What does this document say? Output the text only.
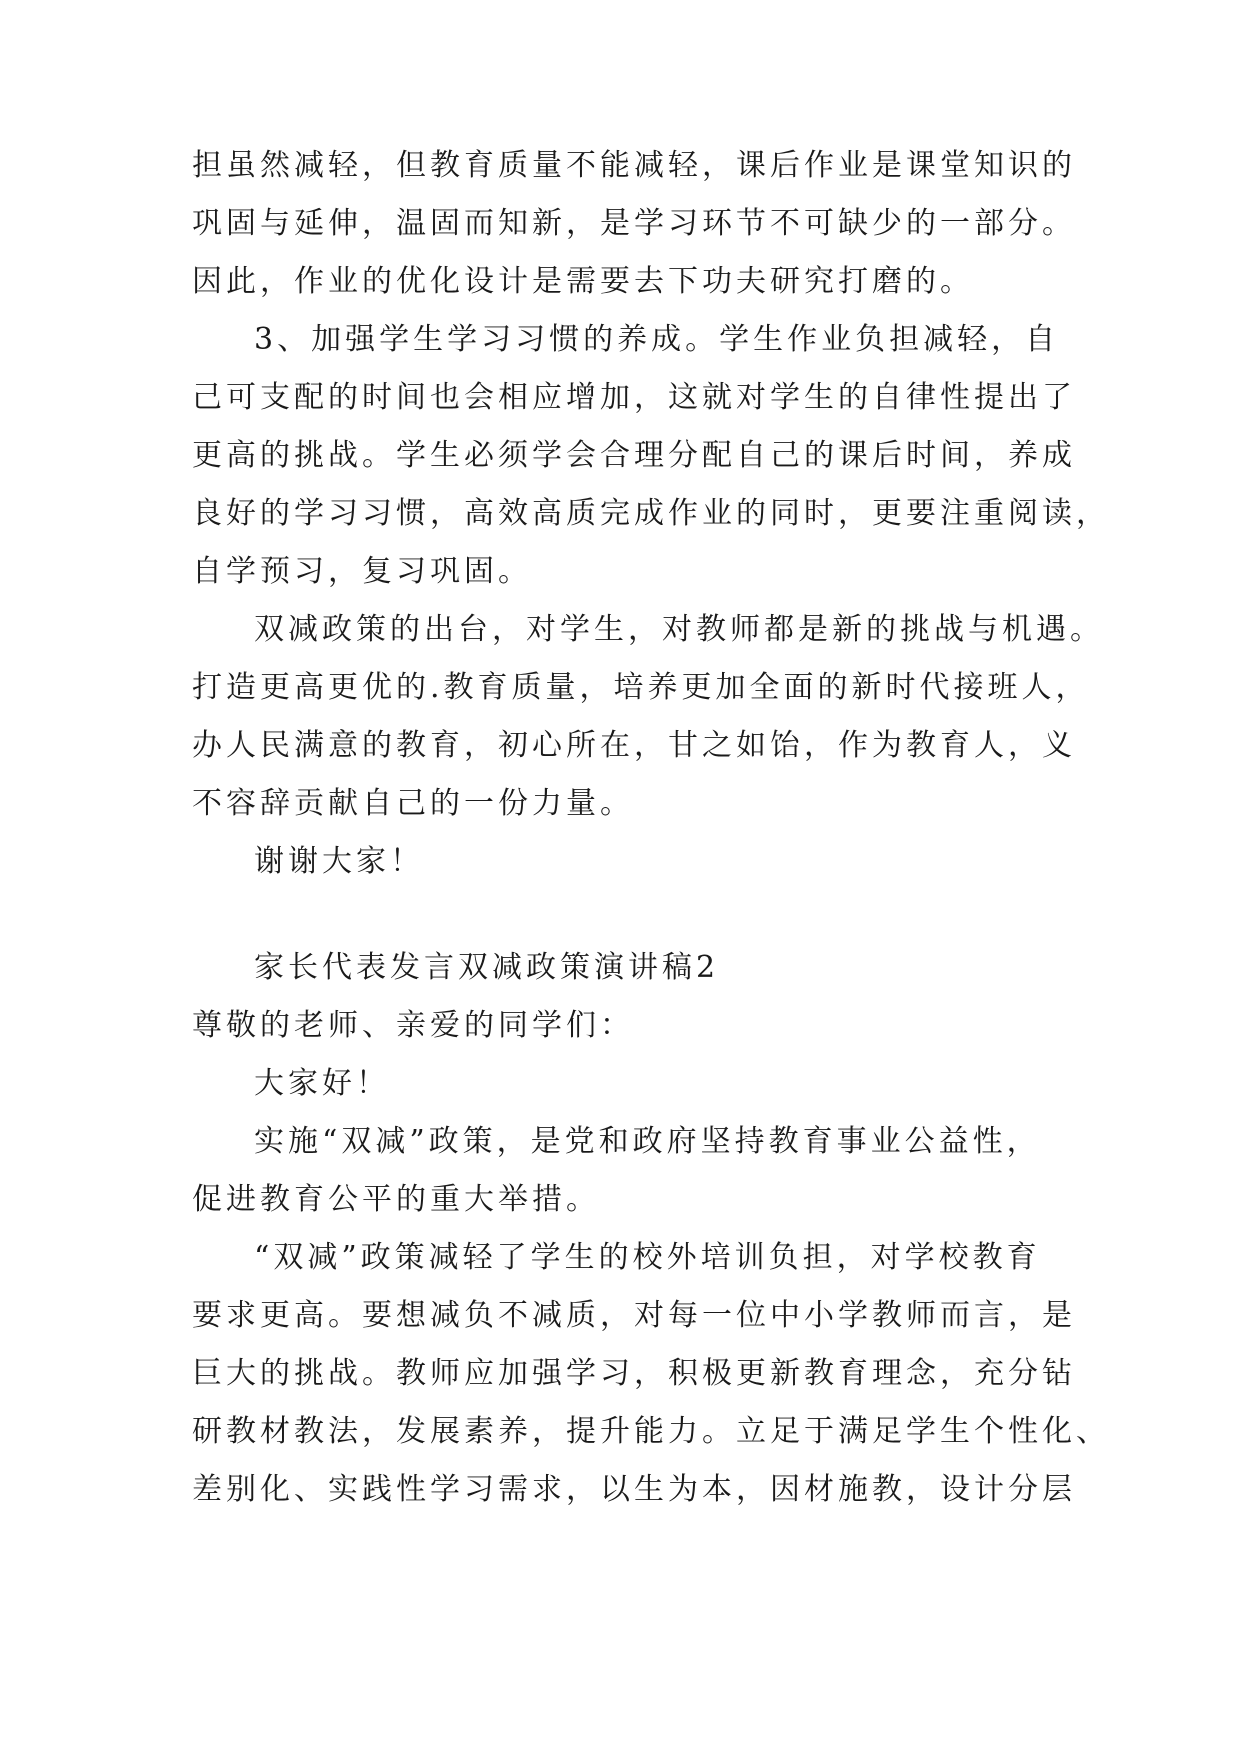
担虽然减轻，但教育质量不能减轻，课后作业是课堂知识的
巩固与延伸，温固而知新，是学习环节不可缺少的一部分。
因此，作业的优化设计是需要去下功夫研究打磨的。
3、加强学生学习习惯的养成。学生作业负担减轻，自
己可支配的时间也会相应增加，这就对学生的自律性提出了
更高的挑战。学生必须学会合理分配自己的课后时间，养成
良好的学习习惯，高效高质完成作业的同时，更要注重阅读，
自学预习，复习巩固。
双减政策的出台，对学生，对教师都是新的挑战与机遇。
打造更高更优的.教育质量，培养更加全面的新时代接班人，
办人民满意的教育，初心所在，甘之如饴，作为教育人，义
不容辞贡献自己的一份力量。
谢谢大家！
家长代表发言双减政策演讲稿2
尊敬的老师、亲爱的同学们：
大家好！
实施“双减”政策，是党和政府坚持教育事业公益性，
促进教育公平的重大举措。
“双减”政策减轻了学生的校外培训负担，对学校教育
要求更高。要想减负不减质，对每一位中小学教师而言，是
巨大的挑战。教师应加强学习，积极更新教育理念，充分钻
研教材教法，发展素养，提升能力。立足于满足学生个性化、
差别化、实践性学习需求，以生为本，因材施教，设计分层
